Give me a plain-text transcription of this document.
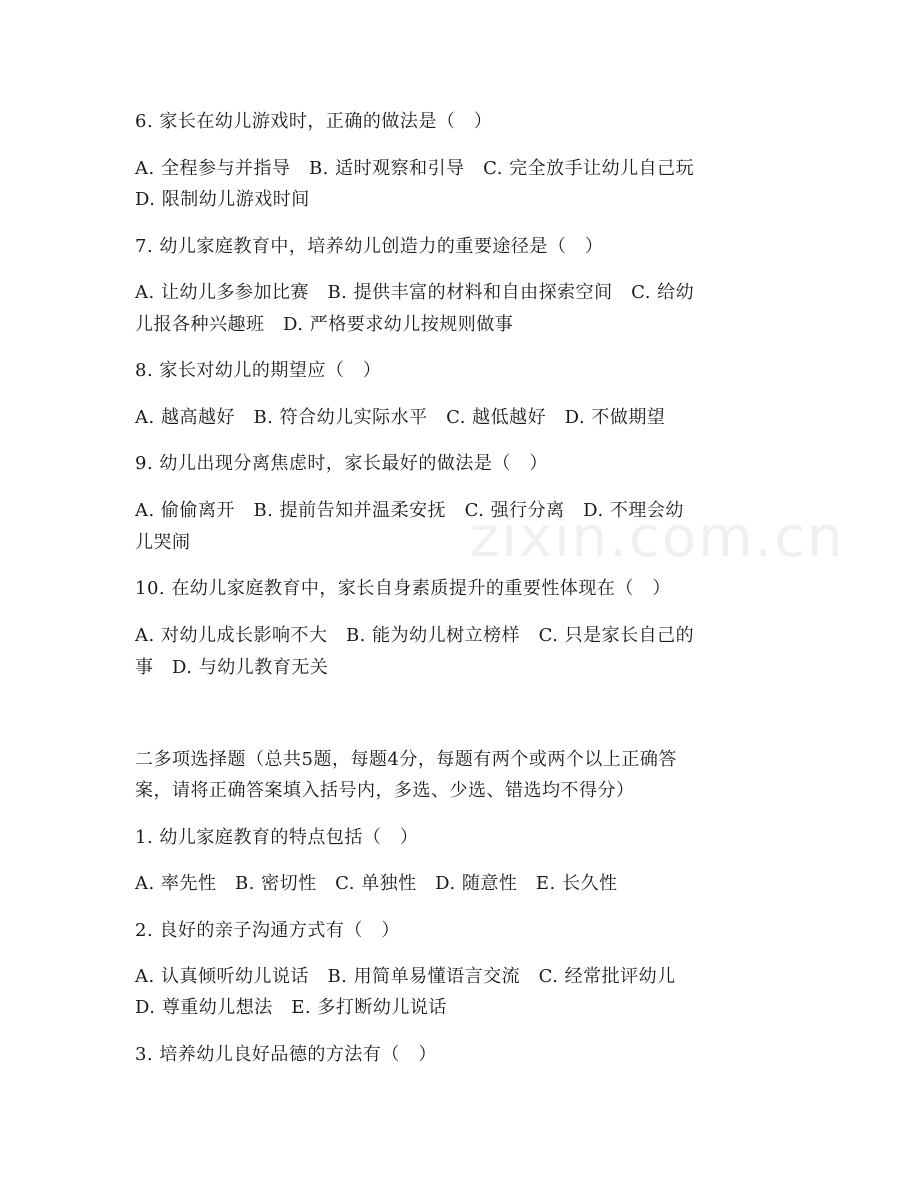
zixin.com.cn
6. 家长在幼儿游戏时，正确的做法是（　）
A. 全程参与并指导　B. 适时观察和引导　C. 完全放手让幼儿自己玩
D. 限制幼儿游戏时间
7. 幼儿家庭教育中，培养幼儿创造力的重要途径是（　）
A. 让幼儿多参加比赛　B. 提供丰富的材料和自由探索空间　C. 给幼
儿报各种兴趣班　D. 严格要求幼儿按规则做事
8. 家长对幼儿的期望应（　）
A. 越高越好　B. 符合幼儿实际水平　C. 越低越好　D. 不做期望
9. 幼儿出现分离焦虑时，家长最好的做法是（　）
A. 偷偷离开　B. 提前告知并温柔安抚　C. 强行分离　D. 不理会幼
儿哭闹
10. 在幼儿家庭教育中，家长自身素质提升的重要性体现在（　）
A. 对幼儿成长影响不大　B. 能为幼儿树立榜样　C. 只是家长自己的
事　D. 与幼儿教育无关
二多项选择题（总共5题，每题4分，每题有两个或两个以上正确答
案，请将正确答案填入括号内，多选、少选、错选均不得分）
1. 幼儿家庭教育的特点包括（　）
A. 率先性　B. 密切性　C. 单独性　D. 随意性　E. 长久性
2. 良好的亲子沟通方式有（　）
A. 认真倾听幼儿说话　B. 用简单易懂语言交流　C. 经常批评幼儿
D. 尊重幼儿想法　E. 多打断幼儿说话
3. 培养幼儿良好品德的方法有（　）
